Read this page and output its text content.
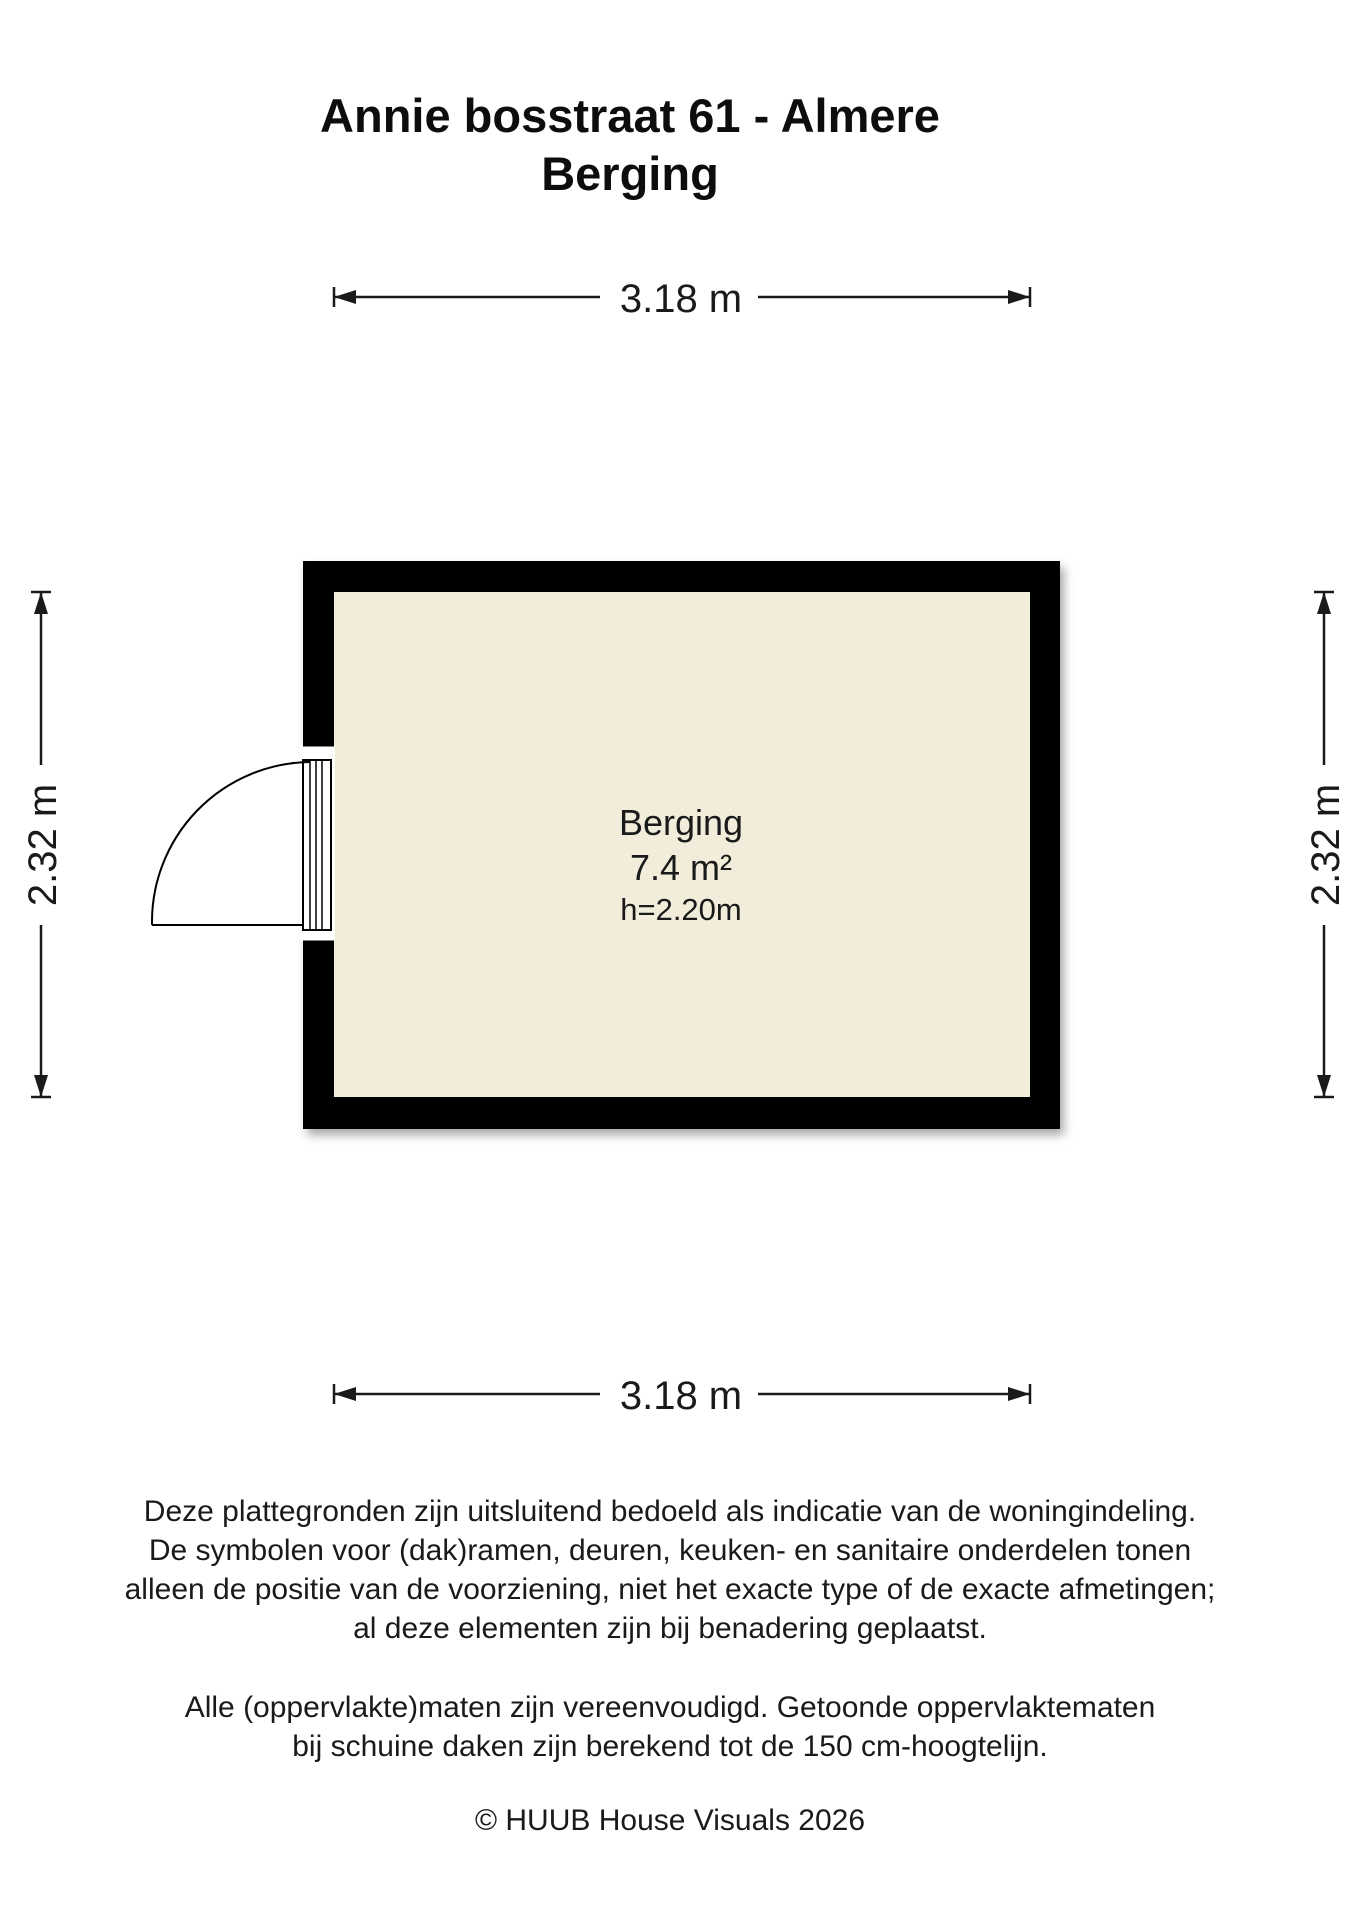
Annie bosstraat 61 - Almere
Berging
3.18 m
3.18 m
2.32 m	2.32 m
Berging
7.4 m²
h=2.20m
Deze plattegronden zijn uitsluitend bedoeld als indicatie van de woningindeling.
De symbolen voor (dak)ramen, deuren, keuken- en sanitaire onderdelen tonen
alleen de positie van de voorziening, niet het exacte type of de exacte afmetingen;
al deze elementen zijn bij benadering geplaatst.
Alle (oppervlakte)maten zijn vereenvoudigd. Getoonde oppervlaktematen
bij schuine daken zijn berekend tot de 150 cm-hoogtelijn.
© HUUB House Visuals 2026
